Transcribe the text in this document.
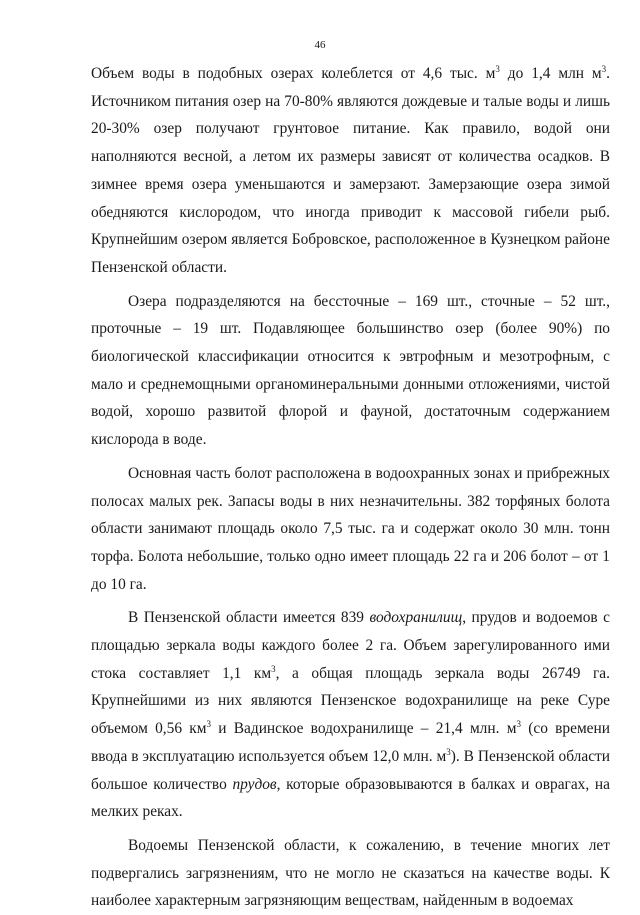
46

Объем воды в подобных озерах колеблется от 4,6 тыс. $м^3$ до 1,4 млн $м^3$. Источником питания озер на 70-80% являются дождевые и талые воды и лишь 20-30% озер получают грунтовое питание. Как правило, водой они наполняются весной, а летом их размеры зависят от количества осадков. В зимнее время озера уменьшаются и замерзают. Замерзающие озера зимой обедняются кислородом, что иногда приводит к массовой гибели рыб. Крупнейшим озером является Бобровское, расположенное в Кузнецком районе Пензенской области.

Озера подразделяются на бессточные – 169 шт., сточные – 52 шт., проточные – 19 шт. Подавляющее большинство озер (более 90%) по биологической классификации относится к эвтрофным и мезотрофным, с мало и среднемощными органоминеральными донными отложениями, чистой водой, хорошо развитой флорой и фауной, достаточным содержанием кислорода в воде.

Основная часть болот расположена в водоохранных зонах и прибрежных полосах малых рек. Запасы воды в них незначительны. 382 торфяных болота области занимают площадь около 7,5 тыс. га и содержат около 30 млн. тонн торфа. Болота небольшие, только одно имеет площадь 22 га и 206 болот – от 1 до 10 га.

В Пензенской области имеется 839 водохранилищ, прудов и водоемов с площадью зеркала воды каждого более 2 га. Объем зарегулированного ими стока составляет 1,1 $км^3$, а общая площадь зеркала воды 26749 га. Крупнейшими из них являются Пензенское водохранилище на реке Суре объемом 0,56 $км^3$ и Вадинское водохранилище – 21,4 млн. $м^3$ (со времени ввода в эксплуатацию используется объем 12,0 млн. $м^3$). В Пензенской области большое количество прудов, которые образовываются в балках и оврагах, на мелких реках.

Водоемы Пензенской области, к сожалению, в течение многих лет подвергались загрязнениям, что не могло не сказаться на качестве воды. К наиболее характерным загрязняющим веществам, найденным в водоемах
